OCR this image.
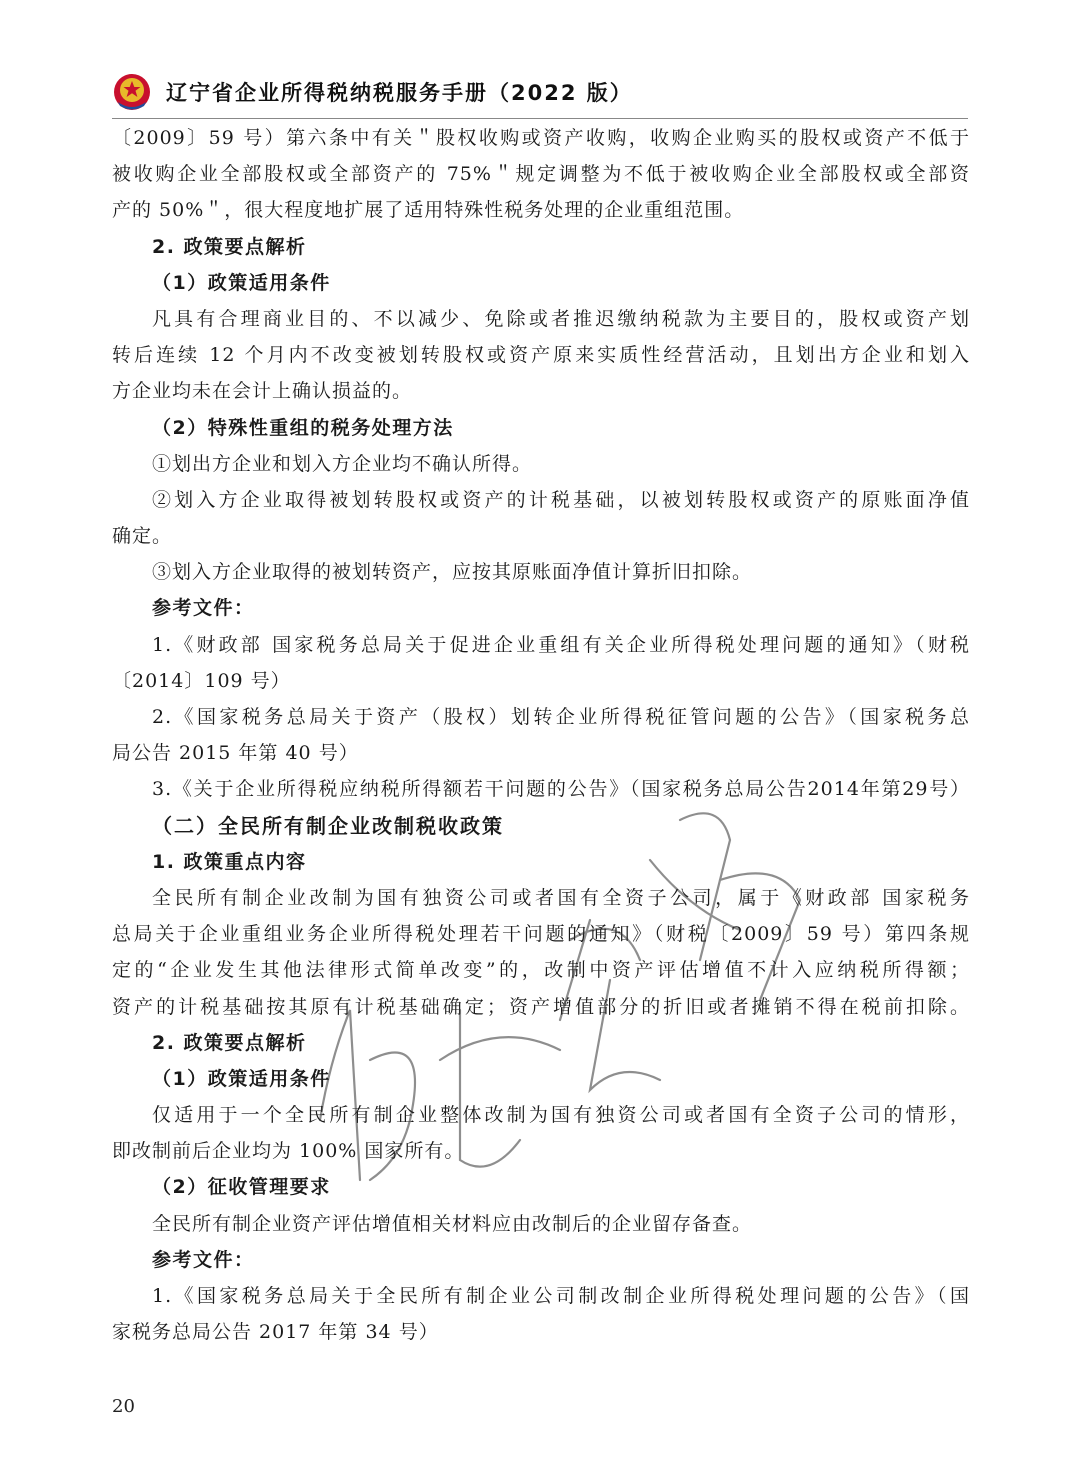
辽宁省企业所得税纳税服务手册（2022 版）
〔2009〕59 号）第六条中有关＂股权收购或资产收购，收购企业购买的股权或资产不低于
被收购企业全部股权或全部资产的 75%＂规定调整为不低于被收购企业全部股权或全部资
产的 50%＂，很大程度地扩展了适用特殊性税务处理的企业重组范围。
2. 政策要点解析
（1）政策适用条件
凡具有合理商业目的、不以减少、免除或者推迟缴纳税款为主要目的，股权或资产划
转后连续 12 个月内不改变被划转股权或资产原来实质性经营活动，且划出方企业和划入
方企业均未在会计上确认损益的。
（2）特殊性重组的税务处理方法
①划出方企业和划入方企业均不确认所得。
②划入方企业取得被划转股权或资产的计税基础，以被划转股权或资产的原账面净值
确定。
③划入方企业取得的被划转资产，应按其原账面净值计算折旧扣除。
参考文件：
1.《财政部 国家税务总局关于促进企业重组有关企业所得税处理问题的通知》（财税
〔2014〕109 号）
2.《国家税务总局关于资产（股权）划转企业所得税征管问题的公告》（国家税务总
局公告 2015 年第 40 号）
3.《关于企业所得税应纳税所得额若干问题的公告》（国家税务总局公告2014年第29号）
（二）全民所有制企业改制税收政策
1. 政策重点内容
全民所有制企业改制为国有独资公司或者国有全资子公司，属于《财政部 国家税务
总局关于企业重组业务企业所得税处理若干问题的通知》（财税〔2009〕59 号）第四条规
定的“企业发生其他法律形式简单改变”的，改制中资产评估增值不计入应纳税所得额；
资产的计税基础按其原有计税基础确定；资产增值部分的折旧或者摊销不得在税前扣除。
2. 政策要点解析
（1）政策适用条件
仅适用于一个全民所有制企业整体改制为国有独资公司或者国有全资子公司的情形，
即改制前后企业均为 100% 国家所有。
（2）征收管理要求
全民所有制企业资产评估增值相关材料应由改制后的企业留存备查。
参考文件：
1.《国家税务总局关于全民所有制企业公司制改制企业所得税处理问题的公告》（国
家税务总局公告 2017 年第 34 号）
20
